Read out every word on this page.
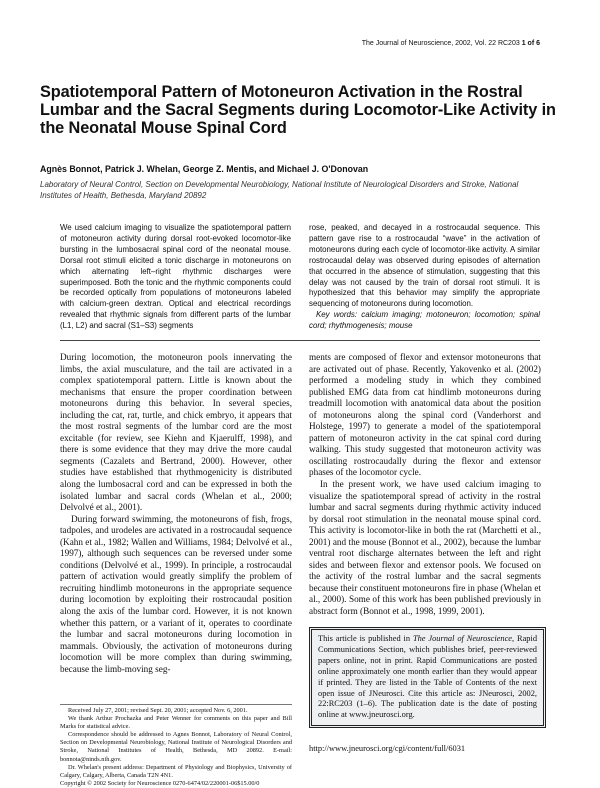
The Journal of Neuroscience, 2002, Vol. 22 RC203 1 of 6
Spatiotemporal Pattern of Motoneuron Activation in the Rostral Lumbar and the Sacral Segments during Locomotor-Like Activity in the Neonatal Mouse Spinal Cord
Agnès Bonnot, Patrick J. Whelan, George Z. Mentis, and Michael J. O'Donovan
Laboratory of Neural Control, Section on Developmental Neurobiology, National Institute of Neurological Disorders and Stroke, National Institutes of Health, Bethesda, Maryland 20892
We used calcium imaging to visualize the spatiotemporal pattern of motoneuron activity during dorsal root-evoked locomotor-like bursting in the lumbosacral spinal cord of the neonatal mouse. Dorsal root stimuli elicited a tonic discharge in motoneurons on which alternating left–right rhythmic discharges were superimposed. Both the tonic and the rhythmic components could be recorded optically from populations of motoneurons labeled with calcium-green dextran. Optical and electrical recordings revealed that rhythmic signals from different parts of the lumbar (L1, L2) and sacral (S1–S3) segments

rose, peaked, and decayed in a rostrocaudal sequence. This pattern gave rise to a rostrocaudal “wave” in the activation of motoneurons during each cycle of locomotor-like activity. A similar rostrocaudal delay was observed during episodes of alternation that occurred in the absence of stimulation, suggesting that this delay was not caused by the train of dorsal root stimuli. It is hypothesized that this behavior may simplify the appropriate sequencing of motoneurons during locomotion.

Key words: calcium imaging; motoneuron; locomotion; spinal cord; rhythmogenesis; mouse

During locomotion, the motoneuron pools innervating the limbs, the axial musculature, and the tail are activated in a complex spatiotemporal pattern. Little is known about the mechanisms that ensure the proper coordination between motoneurons during this behavior. In several species, including the cat, rat, turtle, and chick embryo, it appears that the most rostral segments of the lumbar cord are the most excitable (for review, see Kiehn and Kjaerulff, 1998), and there is some evidence that they may drive the more caudal segments (Cazalets and Bertrand, 2000). However, other studies have established that rhythmogenicity is distributed along the lumbosacral cord and can be expressed in both the isolated lumbar and sacral cords (Whelan et al., 2000; Delvolvé et al., 2001).

During forward swimming, the motoneurons of fish, frogs, tadpoles, and urodeles are activated in a rostrocaudal sequence (Kahn et al., 1982; Wallen and Williams, 1984; Delvolvé et al., 1997), although such sequences can be reversed under some conditions (Delvolvé et al., 1999). In principle, a rostrocaudal pattern of activation would greatly simplify the problem of recruiting hindlimb motoneurons in the appropriate sequence during locomotion by exploiting their rostrocaudal position along the axis of the lumbar cord. However, it is not known whether this pattern, or a variant of it, operates to coordinate the lumbar and sacral motoneurons during locomotion in mammals. Obviously, the activation of motoneurons during locomotion will be more complex than during swimming, because the limb-moving seg-

ments are composed of flexor and extensor motoneurons that are activated out of phase. Recently, Yakovenko et al. (2002) performed a modeling study in which they combined published EMG data from cat hindlimb motoneurons during treadmill locomotion with anatomical data about the position of motoneurons along the spinal cord (Vanderhorst and Holstege, 1997) to generate a model of the spatiotemporal pattern of motoneuron activity in the cat spinal cord during walking. This study suggested that motoneuron activity was oscillating rostrocaudally during the flexor and extensor phases of the locomotor cycle.

In the present work, we have used calcium imaging to visualize the spatiotemporal spread of activity in the rostral lumbar and sacral segments during rhythmic activity induced by dorsal root stimulation in the neonatal mouse spinal cord. This activity is locomotor-like in both the rat (Marchetti et al., 2001) and the mouse (Bonnot et al., 2002), because the lumbar ventral root discharge alternates between the left and right sides and between flexor and extensor pools. We focused on the activity of the rostral lumbar and the sacral segments because their constituent motoneurons fire in phase (Whelan et al., 2000). Some of this work has been published previously in abstract form (Bonnot et al., 1998, 1999, 2001).

Received July 27, 2001; revised Sept. 20, 2001; accepted Nov. 6, 2001.

We thank Arthur Prochazka and Peter Wenner for comments on this paper and Bill Marks for statistical advice.

Correspondence should be addressed to Agnes Bonnot, Laboratory of Neural Control, Section on Developmental Neurobiology, National Institute of Neurological Disorders and Stroke, National Institutes of Health, Bethesda, MD 20892. E-mail: bonnota@ninds.nih.gov.

Dr. Whelan's present address: Department of Physiology and Biophysics, University of Calgary, Calgary, Alberta, Canada T2N 4N1.

Copyright © 2002 Society for Neuroscience 0270-6474/02/220001-06$15.00/0

This article is published in The Journal of Neuroscience, Rapid Communications Section, which publishes brief, peer-reviewed papers online, not in print. Rapid Communications are posted online approximately one month earlier than they would appear if printed. They are listed in the Table of Contents of the next open issue of JNeurosci. Cite this article as: JNeurosci, 2002, 22:RC203 (1–6). The publication date is the date of posting online at www.jneurosci.org.
http://www.jneurosci.org/cgi/content/full/6031
